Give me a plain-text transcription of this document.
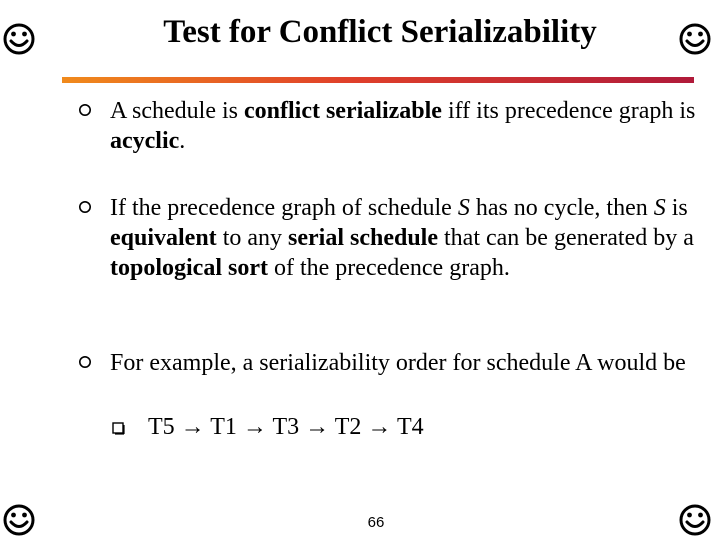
Test for Conflict Serializability
A schedule is conflict serializable iff its precedence graph is acyclic.
If the precedence graph of schedule S has no cycle, then S is equivalent to any serial schedule that can be generated by a topological sort of the precedence graph.
For example, a serializability order for schedule A would be
T5 → T1 → T3 → T2 → T4
66
